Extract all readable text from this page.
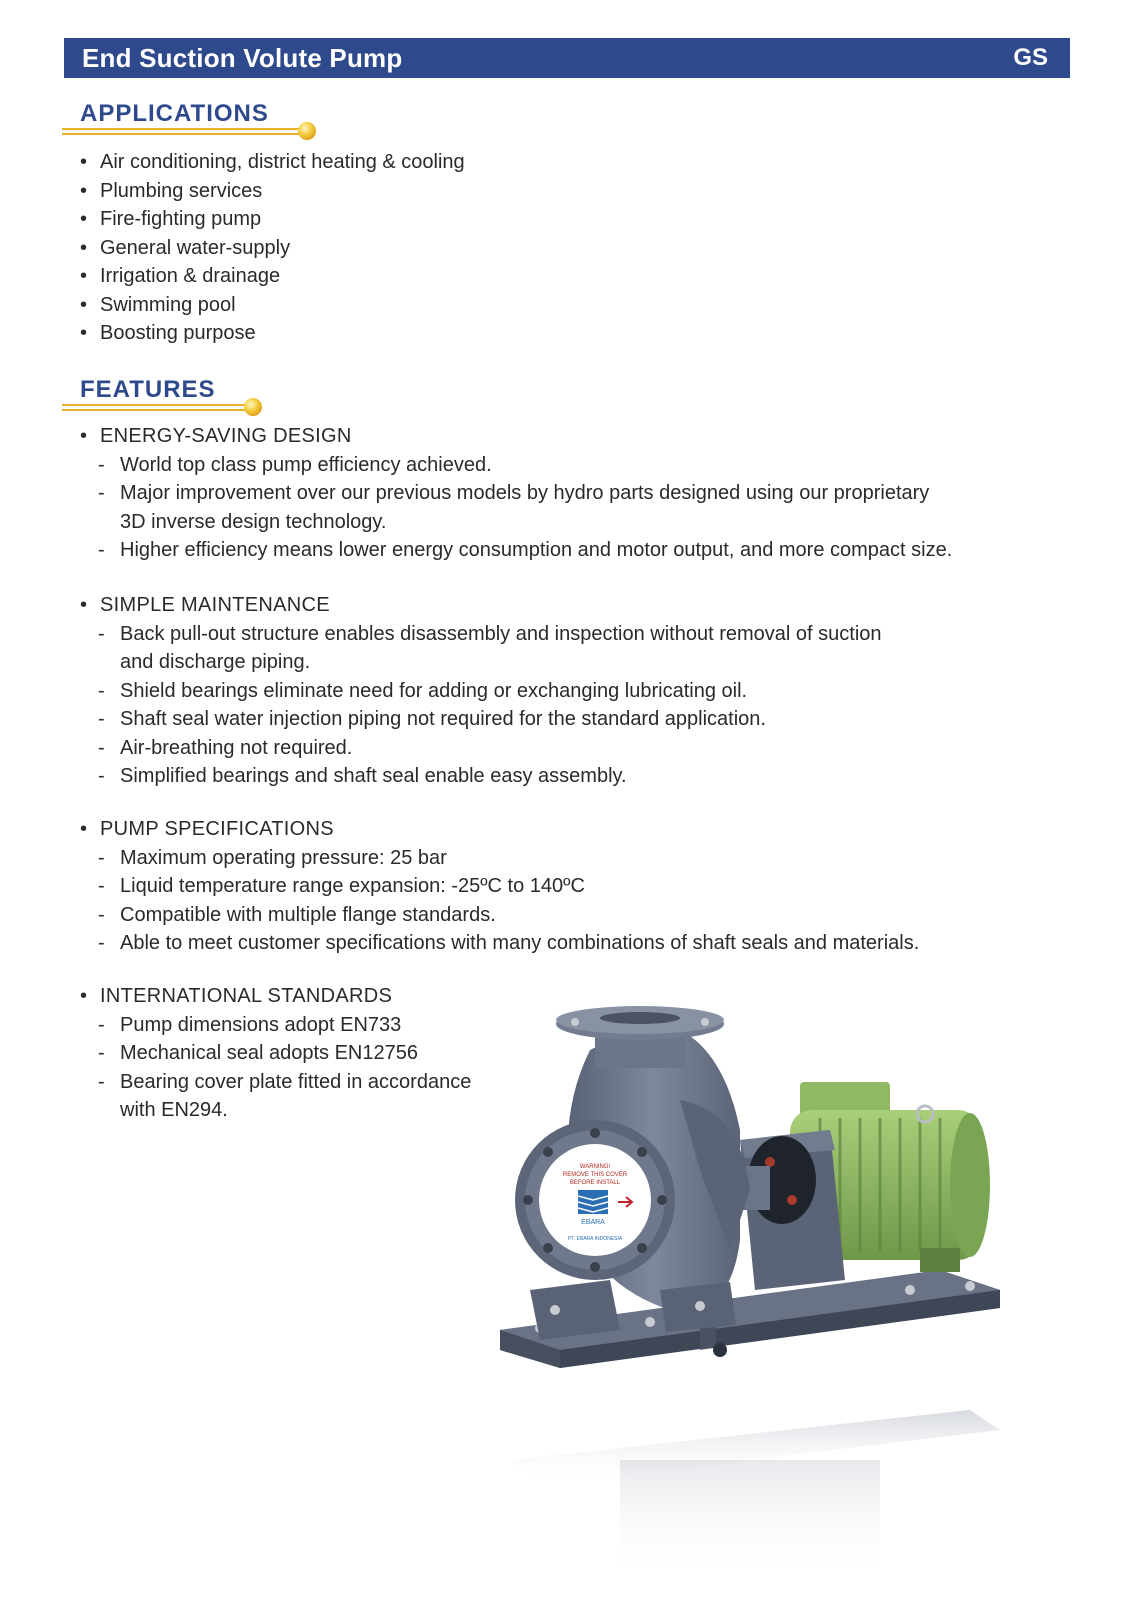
End Suction Volute Pump	GS
APPLICATIONS
• Air conditioning, district heating & cooling
• Plumbing services
• Fire-fighting pump
• General water-supply
• Irrigation & drainage
• Swimming pool
• Boosting purpose
FEATURES
• ENERGY-SAVING DESIGN
- World top class pump efficiency achieved.
- Major improvement over our previous models by hydro parts designed using our proprietary
3D inverse design technology.
- Higher efficiency means lower energy consumption and motor output, and more compact size.
• SIMPLE MAINTENANCE
- Back pull-out structure enables disassembly and inspection without removal of suction
and discharge piping.
- Shield bearings eliminate need for adding or exchanging lubricating oil.
- Shaft seal water injection piping not required for the standard application.
- Air-breathing not required.
- Simplified bearings and shaft seal enable easy assembly.
• PUMP SPECIFICATIONS
- Maximum operating pressure: 25 bar
- Liquid temperature range expansion: -25ºC to 140ºC
- Compatible with multiple flange standards.
- Able to meet customer specifications with many combinations of shaft seals and materials.
• INTERNATIONAL STANDARDS
- Pump dimensions adopt EN733
- Mechanical seal adopts EN12756
- Bearing cover plate fitted in accordance
with EN294.
WARNING!
REMOVE THIS COVER
BEFORE INSTALL
EBARA
PT. EBARA INDONESIA
